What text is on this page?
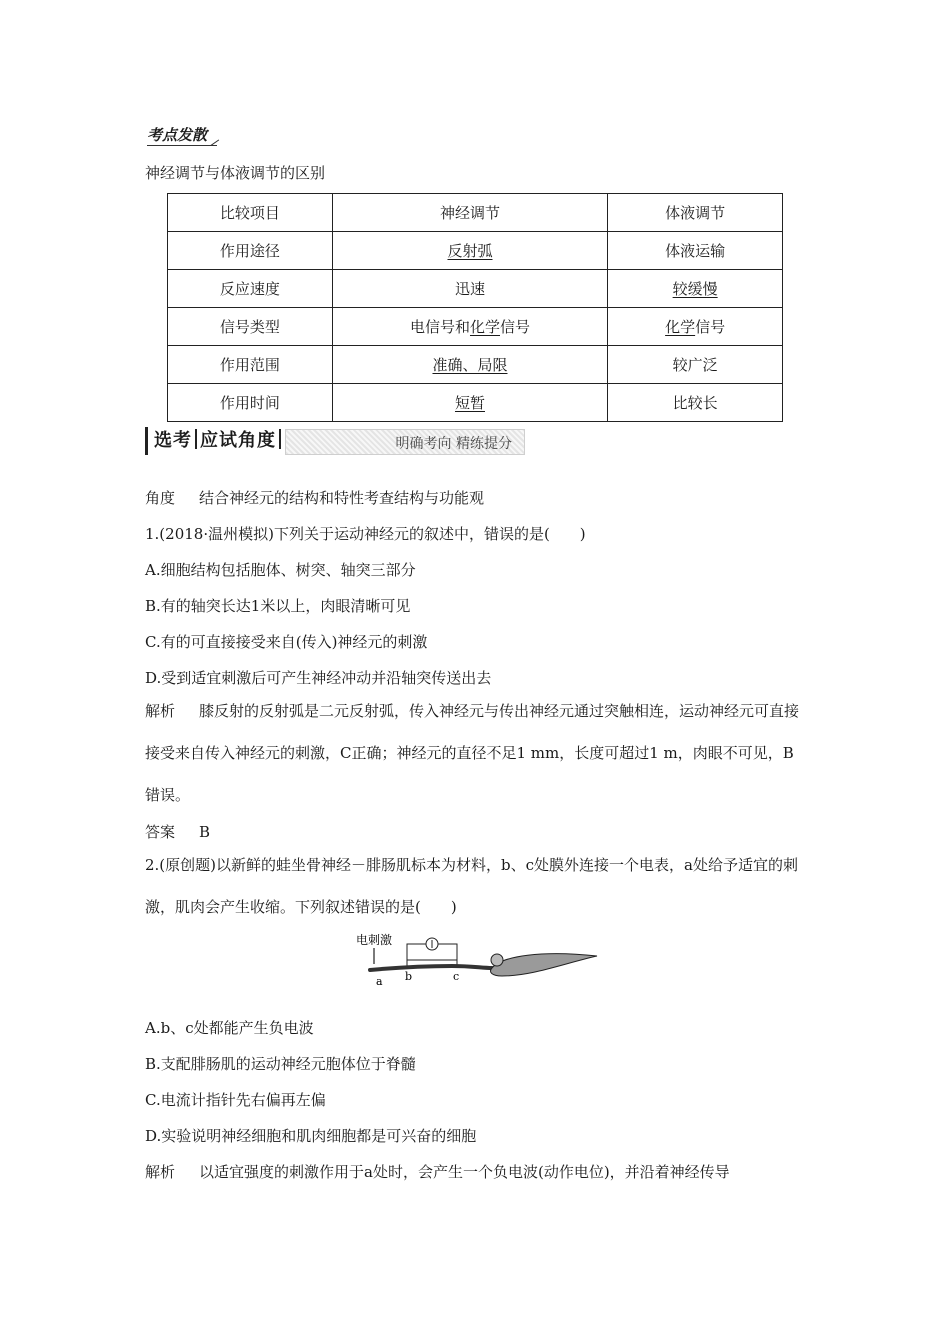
考点发散
神经调节与体液调节的区别
比较项目	神经调节	体液调节
作用途径	反射弧	体液运输
反应速度	迅速	较缓慢
信号类型	电信号和化学信号	化学信号
作用范围	准确、局限	较广泛
作用时间	短暂	比较长
选考 应试角度	明确考向 精练提分
角度 结合神经元的结构和特性考查结构与功能观
1.(2018·温州模拟)下列关于运动神经元的叙述中，错误的是(　　)
A.细胞结构包括胞体、树突、轴突三部分
B.有的轴突长达1米以上，肉眼清晰可见
C.有的可直接接受来自(传入)神经元的刺激
D.受到适宜刺激后可产生神经冲动并沿轴突传送出去
解析 膝反射的反射弧是二元反射弧，传入神经元与传出神经元通过突触相连，运动神经元可直接接受来自传入神经元的刺激，C正确；神经元的直径不足1 mm，长度可超过1 m，肉眼不可见，B错误。
答案 B
2.(原创题)以新鲜的蛙坐骨神经－腓肠肌标本为材料，b、c处膜外连接一个电表，a处给予适宜的刺激，肌肉会产生收缩。下列叙述错误的是(　　)
电刺激
a b	c
A.b、c处都能产生负电波
B.支配腓肠肌的运动神经元胞体位于脊髓
C.电流计指针先右偏再左偏
D.实验说明神经细胞和肌肉细胞都是可兴奋的细胞
解析 以适宜强度的刺激作用于a处时，会产生一个负电波(动作电位)，并沿着神经传导
